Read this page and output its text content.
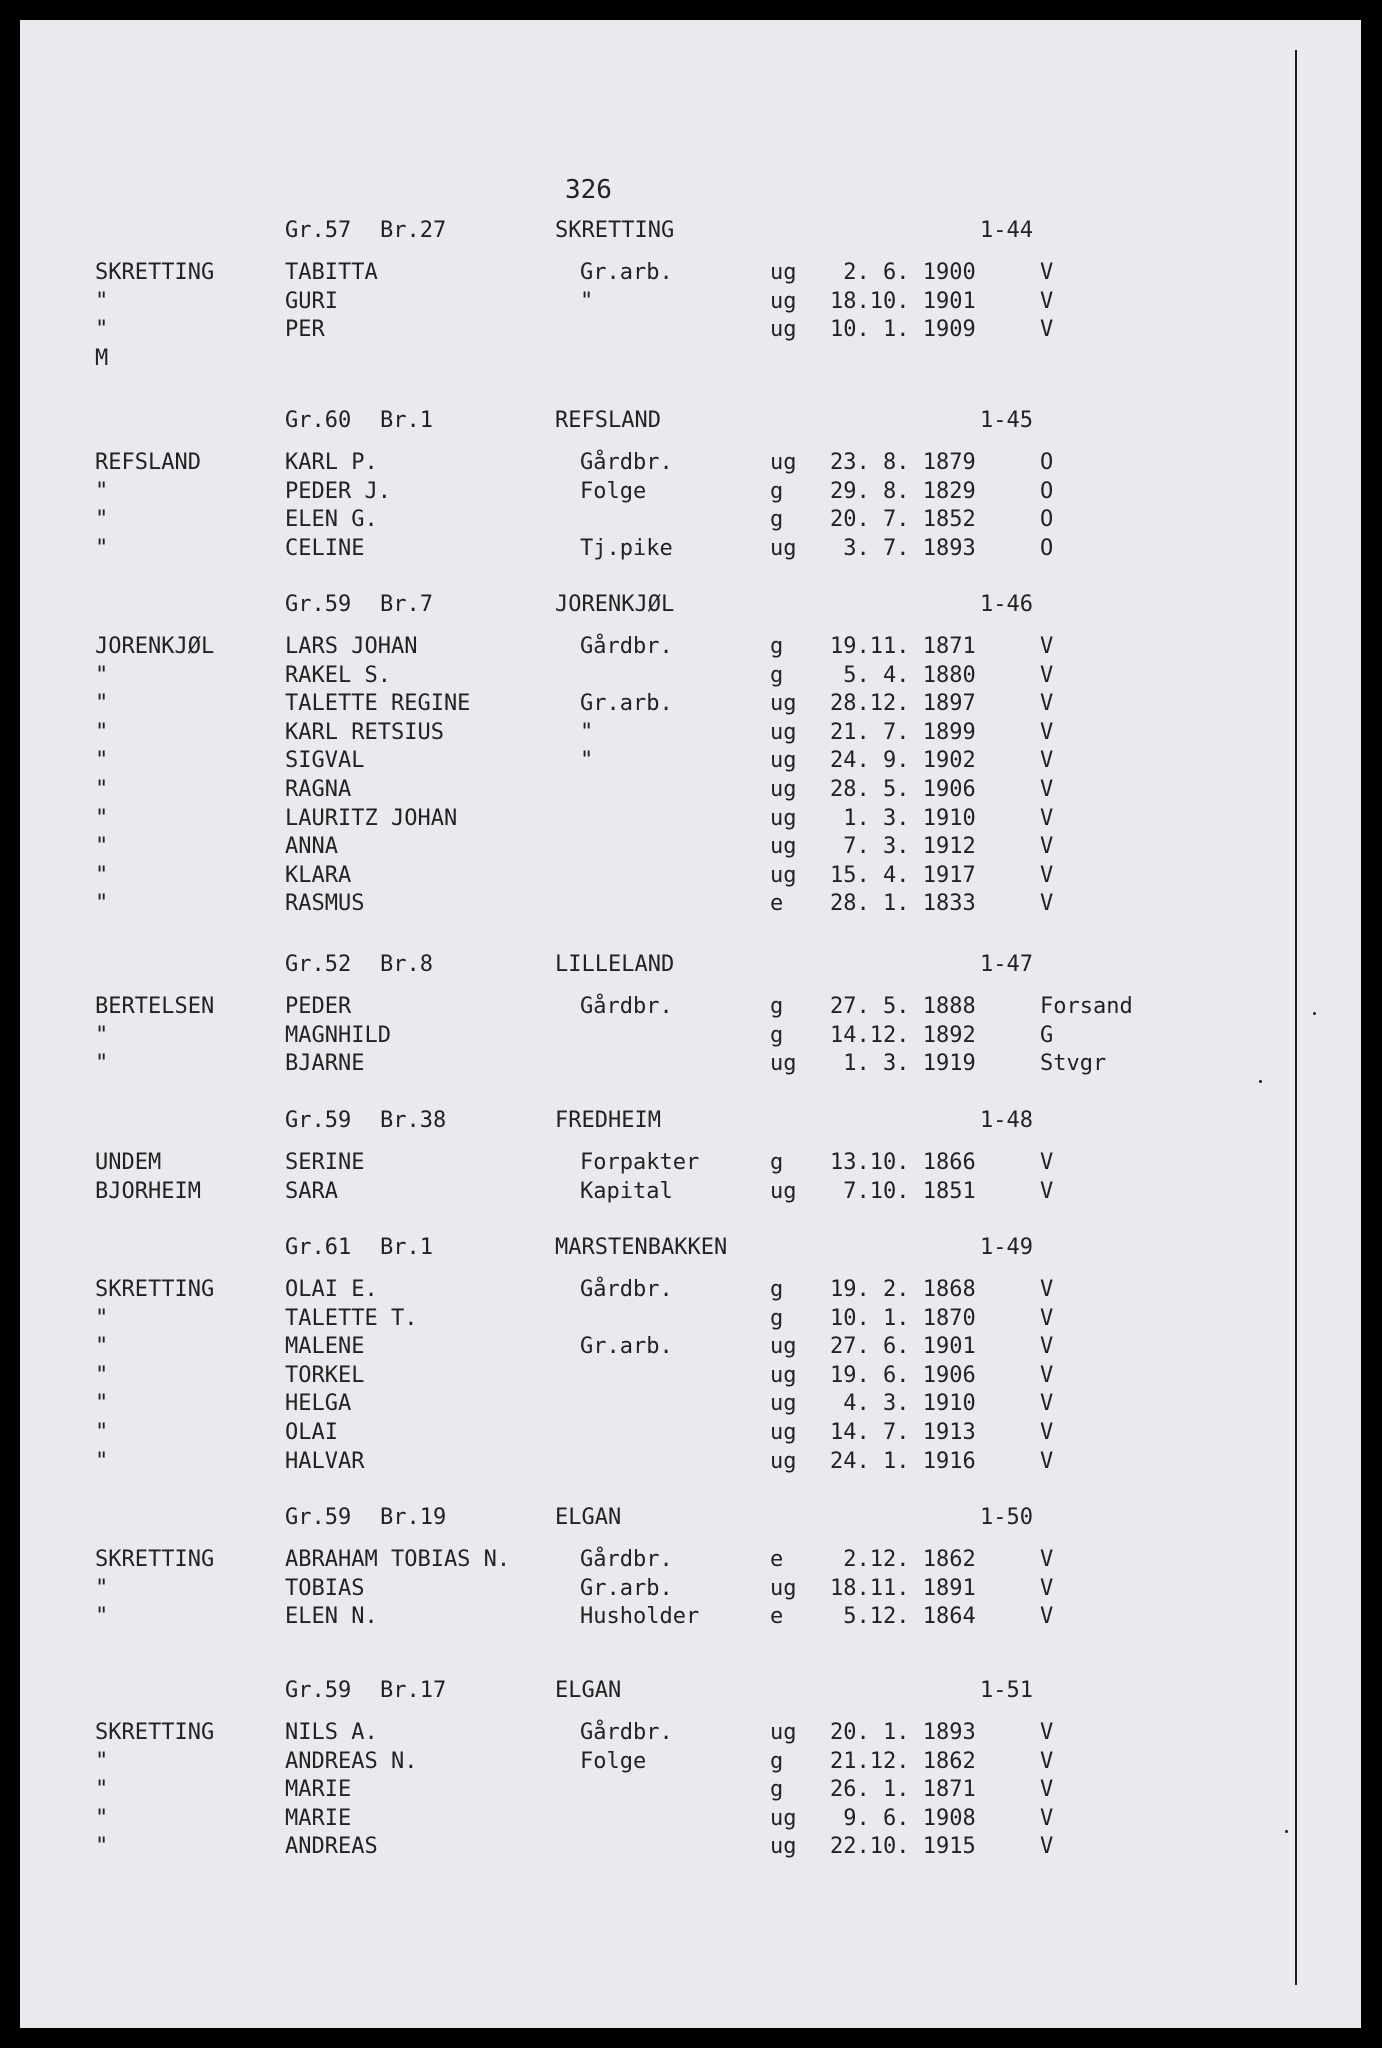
326
Gr.57 Br.27	SKRETTING	1-44
SKRETTING	TABITTA	Gr.arb.	ug 2. 6. 1900	V
"	GURI	"	ug 18.10. 1901	V
"	PER	ug 10. 1. 1909	V
M
Gr.60 Br.1	REFSLAND	1-45
REFSLAND	KARL P.	Gårdbr.	ug 23. 8. 1879	O
"	PEDER J.	Folge	g 29. 8. 1829	O
"	ELEN G.	g 20. 7. 1852	O
"	CELINE	Tj.pike	ug 3. 7. 1893	O
Gr.59 Br.7	JORENKJØL	1-46
JORENKJØL	LARS JOHAN	Gårdbr.	g 19.11. 1871	V
"	RAKEL S.	g 5. 4. 1880	V
"	TALETTE REGINE	Gr.arb.	ug 28.12. 1897	V
"	KARL RETSIUS	"	ug 21. 7. 1899	V
"	SIGVAL	"	ug 24. 9. 1902	V
"	RAGNA	ug 28. 5. 1906	V
"	LAURITZ JOHAN	ug 1. 3. 1910	V
"	ANNA	ug 7. 3. 1912	V
"	KLARA	ug 15. 4. 1917	V
"	RASMUS	e 28. 1. 1833	V
Gr.52 Br.8	LILLELAND	1-47
BERTELSEN	PEDER	Gårdbr.	g 27. 5. 1888	Forsand
"	MAGNHILD	g 14.12. 1892	G
"	BJARNE	ug 1. 3. 1919	Stvgr
Gr.59 Br.38	FREDHEIM	1-48
UNDEM	SERINE	Forpakter	g 13.10. 1866	V
BJORHEIM	SARA	Kapital	ug 7.10. 1851	V
Gr.61 Br.1	MARSTENBAKKEN	1-49
SKRETTING	OLAI E.	Gårdbr.	g 19. 2. 1868	V
"	TALETTE T.	g 10. 1. 1870	V
"	MALENE	Gr.arb.	ug 27. 6. 1901	V
"	TORKEL	ug 19. 6. 1906	V
"	HELGA	ug 4. 3. 1910	V
"	OLAI	ug 14. 7. 1913	V
"	HALVAR	ug 24. 1. 1916	V
Gr.59 Br.19	ELGAN	1-50
SKRETTING	ABRAHAM TOBIAS N.	Gårdbr.	e 2.12. 1862	V
"	TOBIAS	Gr.arb.	ug 18.11. 1891	V
"	ELEN N.	Husholder	e 5.12. 1864	V
Gr.59 Br.17	ELGAN	1-51
SKRETTING	NILS A.	Gårdbr.	ug 20. 1. 1893	V
"	ANDREAS N.	Folge	g 21.12. 1862	V
"	MARIE	g 26. 1. 1871	V
"	MARIE	ug 9. 6. 1908	V
"	ANDREAS	ug 22.10. 1915	V
